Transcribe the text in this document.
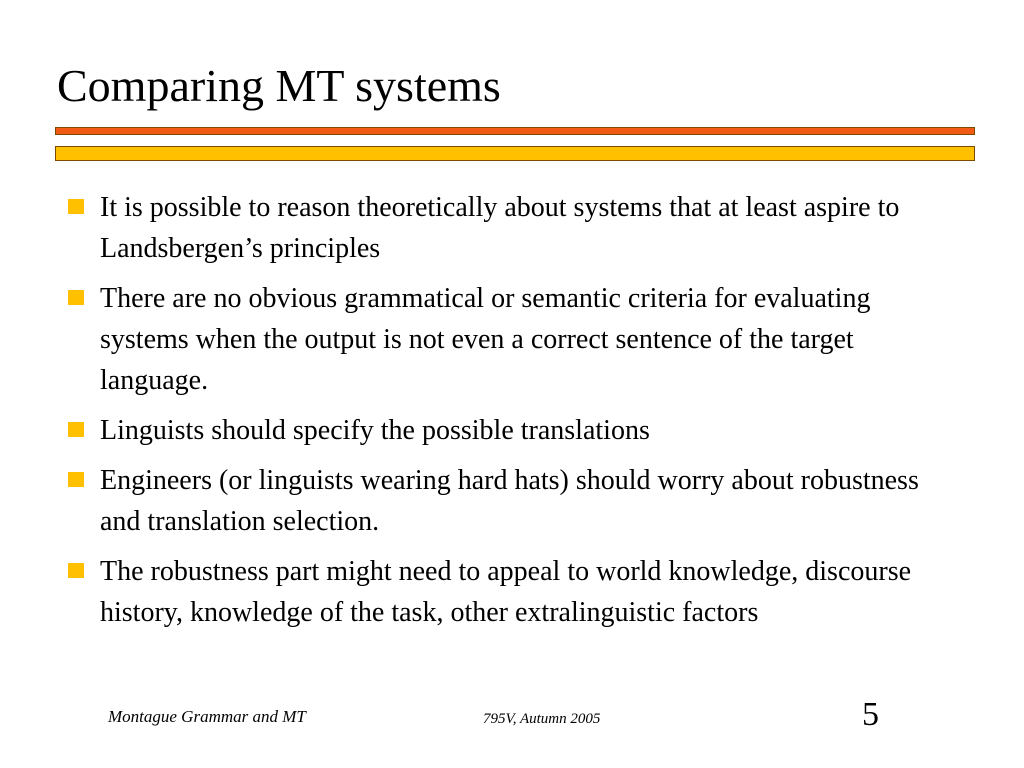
Comparing MT systems
It is possible to reason theoretically about systems that at least aspire to Landsbergen’s principles
There are no obvious grammatical or semantic criteria for evaluating systems when the output is not even a correct sentence of the target language.
Linguists should specify the possible translations
Engineers (or linguists wearing hard hats) should worry about robustness and translation selection.
The robustness part might need to appeal to world knowledge, discourse history, knowledge of the task, other extralinguistic factors
Montague Grammar and MT	795V, Autumn 2005	5
